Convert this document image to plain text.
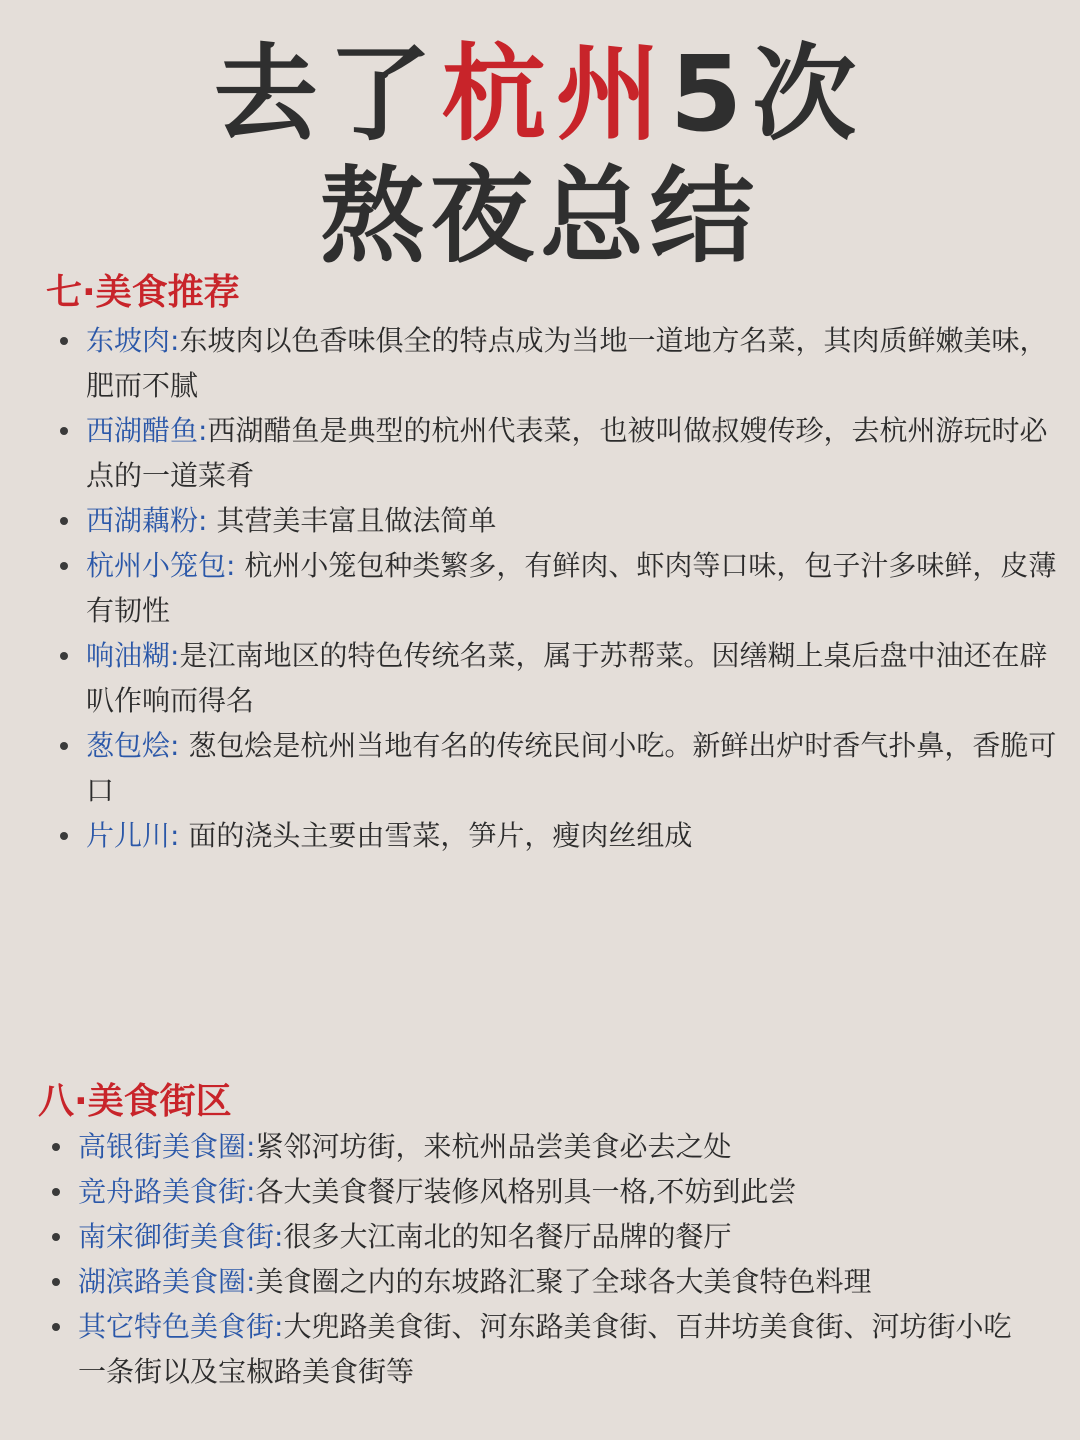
去了杭州5次
熬夜总结
七·美食推荐
东坡肉:东坡肉以色香味俱全的特点成为当地一道地方名菜，其肉质鲜嫩美味，肥而不腻
西湖醋鱼:西湖醋鱼是典型的杭州代表菜，也被叫做叔嫂传珍，去杭州游玩时必点的一道菜肴
西湖藕粉: 其营美丰富且做法简单
杭州小笼包: 杭州小笼包种类繁多，有鲜肉、虾肉等口味，包子汁多味鲜，皮薄有韧性
响油糊:是江南地区的特色传统名菜，属于苏帮菜。因缮糊上桌后盘中油还在辟叭作响而得名
葱包烩: 葱包烩是杭州当地有名的传统民间小吃。新鲜出炉时香气扑鼻，香脆可口
片儿川: 面的浇头主要由雪菜，笋片，瘦肉丝组成
八·美食街区
高银街美食圈:紧邻河坊街，来杭州品尝美食必去之处
竞舟路美食街:各大美食餐厅装修风格别具一格,不妨到此尝
南宋御街美食街:很多大江南北的知名餐厅品牌的餐厅
湖滨路美食圈:美食圈之内的东坡路汇聚了全球各大美食特色料理
其它特色美食街:大兜路美食街、河东路美食街、百井坊美食街、河坊街小吃一条街以及宝椒路美食街等
